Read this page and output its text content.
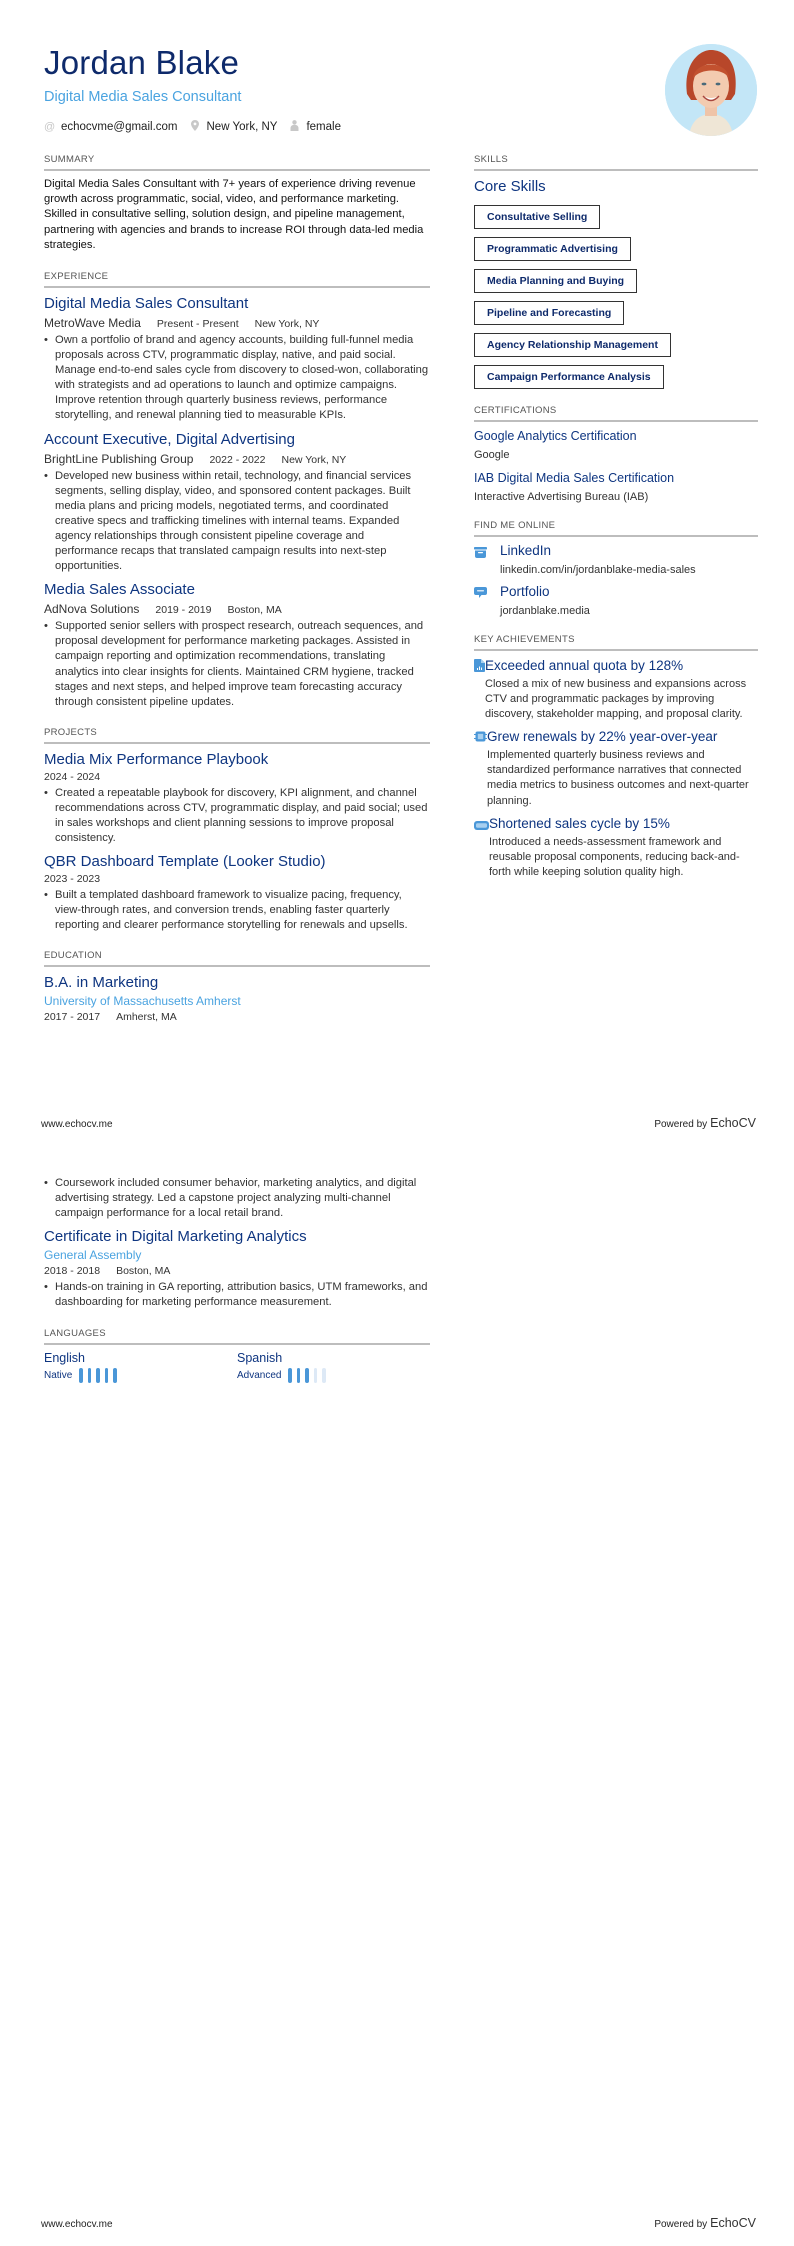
Jordan Blake
Digital Media Sales Consultant
@ echocvme@gmail.com	New York, NY	female
SUMMARY

Digital Media Sales Consultant with 7+ years of experience driving revenue growth across programmatic, social, video, and performance marketing. Skilled in consultative selling, solution design, and pipeline management, partnering with agencies and brands to increase ROI through data-led media strategies.

EXPERIENCE
Digital Media Sales Consultant
MetroWave Media Present - Present New York, NY
• Own a portfolio of brand and agency accounts, building full-funnel media proposals across CTV, programmatic display, native, and paid social. Manage end-to-end sales cycle from discovery to closed-won, collaborating with strategists and ad operations to launch and optimize campaigns. Improve retention through quarterly business reviews, performance storytelling, and renewal planning tied to measurable KPIs.
Account Executive, Digital Advertising
BrightLine Publishing Group 2022 - 2022 New York, NY
• Developed new business within retail, technology, and financial services segments, selling display, video, and sponsored content packages. Built media plans and pricing models, negotiated terms, and coordinated creative specs and trafficking timelines with internal teams. Expanded agency relationships through consistent pipeline coverage and performance recaps that translated campaign results into next-step opportunities.
Media Sales Associate
AdNova Solutions 2019 - 2019 Boston, MA
• Supported senior sellers with prospect research, outreach sequences, and proposal development for performance marketing packages. Assisted in campaign reporting and optimization recommendations, translating analytics into clear insights for clients. Maintained CRM hygiene, tracked stages and next steps, and helped improve team forecasting accuracy through consistent pipeline updates.
PROJECTS
Media Mix Performance Playbook
2024 - 2024
• Created a repeatable playbook for discovery, KPI alignment, and channel recommendations across CTV, programmatic display, and paid social; used in sales workshops and client planning sessions to improve proposal consistency.
QBR Dashboard Template (Looker Studio)
2023 - 2023
• Built a templated dashboard framework to visualize pacing, frequency, view-through rates, and conversion trends, enabling faster quarterly reporting and clearer performance storytelling for renewals and upsells.
EDUCATION
B.A. in Marketing
University of Massachusetts Amherst
2017 - 2017 Amherst, MA
SKILLS
Core Skills
Consultative Selling
Programmatic Advertising
Media Planning and Buying
Pipeline and Forecasting
Agency Relationship Management
Campaign Performance Analysis
CERTIFICATIONS
Google Analytics Certification
Google
IAB Digital Media Sales Certification
Interactive Advertising Bureau (IAB)
FIND ME ONLINE
LinkedIn
linkedin.com/in/jordanblake-media-sales
Portfolio
jordanblake.media
KEY ACHIEVEMENTS
Exceeded annual quota by 128%
Closed a mix of new business and expansions across CTV and programmatic packages by improving discovery, stakeholder mapping, and proposal clarity.
Grew renewals by 22% year-over-year
Implemented quarterly business reviews and standardized performance narratives that connected media metrics to business outcomes and next-quarter planning.
Shortened sales cycle by 15%
Introduced a needs-assessment framework and reusable proposal components, reducing back-and-forth while keeping solution quality high.
www.echocv.me	Powered by EchoCV
• Coursework included consumer behavior, marketing analytics, and digital advertising strategy. Led a capstone project analyzing multi-channel campaign performance for a local retail brand.
Certificate in Digital Marketing Analytics
General Assembly
2018 - 2018 Boston, MA
• Hands-on training in GA reporting, attribution basics, UTM frameworks, and dashboarding for marketing performance measurement.
LANGUAGES
English
Native
Spanish
Advanced
www.echocv.me	Powered by EchoCV
